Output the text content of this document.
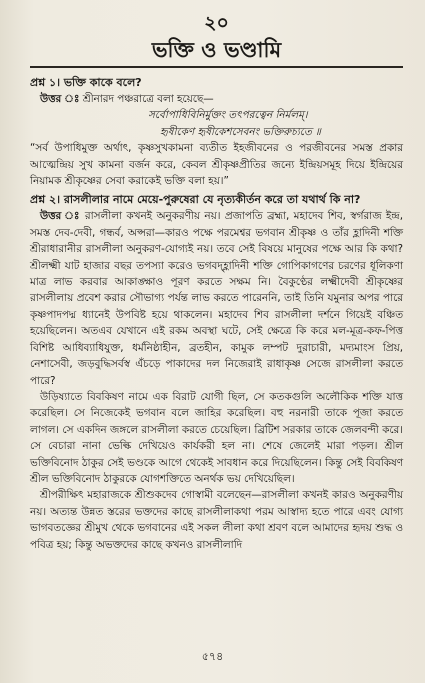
২০
ভক্তি ও ভণ্ডামি
প্রশ্ন ১। ভক্তি কাকে বলে?

উত্তর ঃ শ্রীনারদ পঞ্চরাত্রে বলা হয়েছে—

সর্বোপাধিবিনির্মুক্তং তৎপরত্বেন নির্মলম্‌।
হৃষীকেণ হৃষীকেশসেবনং ভক্তিরুচ্যতে ॥

“সর্ব উপাধিমুক্ত অর্থাৎ, কৃষ্ণসুখকামনা ব্যতীত ইহজীবনের ও পরজীবনের সমস্ত প্রকার আত্মেন্দ্রিয় সুখ কামনা বর্জন করে, কেবল শ্রীকৃষ্ণপ্রীতির জন্যে ইন্দ্রিয়সমূহ দিয়ে ইন্দ্রিয়ের নিয়ামক শ্রীকৃষ্ণের সেবা করাকেই ভক্তি বলা হয়।”

প্রশ্ন ২। রাসলীলার নামে মেয়ে-পুরুষেরা যে নৃত্যকীর্তন করে তা যথার্থ কি না?

উত্তর ঃ রাসলীলা কখনই অনুকরণীয় নয়। প্রজাপতি ব্রহ্মা, মহাদেব শিব, স্বর্গরাজ ইন্দ্র, সমস্ত দেব-দেবী, গন্ধর্ব, অপ্সরা—কারও পক্ষে পরমেশ্বর ভগবান শ্রীকৃষ্ণ ও তাঁর হ্লাদিনী শক্তি শ্রীরাধারানীর রাসলীলা অনুকরণ-যোগ্যই নয়। তবে সেই বিষয়ে মানুষের পক্ষে আর কি কথা? শ্রীলক্ষ্মী যাট হাজার বছর তপস্যা করেও ভগবদ্‌হ্লাদিনী শক্তি গোপিকাগণের চরণের ধূলিকণা মাত্র লাভ করবার আকাঙ্ক্ষাও পূরণ করতে সক্ষম নি। বৈকুণ্ঠের লক্ষ্মীদেবী শ্রীকৃষ্ণের রাসলীলায় প্রবেশ করার সৌভাগ্য পর্যন্ত লাভ করতে পারেননি, তাই তিনি যমুনার অপর পারে কৃষ্ণপাদপদ্ম ধ্যানেই উপবিষ্ট হয়ে থাকলেন। মহাদেব শিব রাসলীলা দর্শনে গিয়েই বঞ্চিত হয়েছিলেন। অতএব যেখানে এই রকম অবস্থা ঘটে, সেই ক্ষেত্রে কি করে মল-মূত্র-কফ-পিত্ত বিশিষ্ট আধিব্যাধিযুক্ত, ধর্মনিষ্ঠাহীন, ব্রতহীন, কামুক লম্পট দুরাচারী, মদ্যমাংস প্রিয়, নেশাসেবী, জড়বুদ্ধিসর্বস্ব এঁচড়ে পাকাদের দল নিজেরাই রাধাকৃষ্ণ সেজে রাসলীলা করতে পারে?

উড়িষ্যাতে বিবকিষণ নামে এক বিরাট যোগী ছিল, সে কতকগুলি অলৌকিক শক্তি যাত্ত করেছিল। সে নিজেকেই ভগবান বলে জাহির করেছিল। বহু নরনারী তাকে পূজা করতে লাগল। সে একদিন জঙ্গলে রাসলীলা করতে চেয়েছিল। ব্রিটিশ সরকার তাকে জেলবন্দী করে। সে বেচারা নানা ভেল্কি দেখিয়েও কার্যকরী হল না। শেষে জেলেই মারা পড়ল। শ্রীল ভক্তিবিনোদ ঠাকুর সেই ভণ্ডকে আগে থেকেই সাবধান করে দিয়েছিলেন। কিন্তু সেই বিবকিষণ শ্রীল ভক্তিবিনোদ ঠাকুরকে যোগশক্তিতে অনর্থক ভয় দেখিয়েছিল।

শ্রীপরীক্ষিৎ মহারাজকে শ্রীশুকদেব গোস্বামী বলেছেন—রাসলীলা কখনই কারও অনুকরণীয় নয়। অত্যন্ত উন্নত স্তরের ভক্তদের কাছে রাসলীলাকথা পরম আস্বাদ্য হতে পারে এবং যোগ্য ভাগবতজ্ঞের শ্রীমুখ থেকে ভগবানের এই সকল লীলা কথা শ্রবণ বলে আমাদের হৃদয় শুদ্ধ ও পবিত্র হয়; কিন্তু অভক্তদের কাছে কখনও রাসলীলাদি

৫৭৪
